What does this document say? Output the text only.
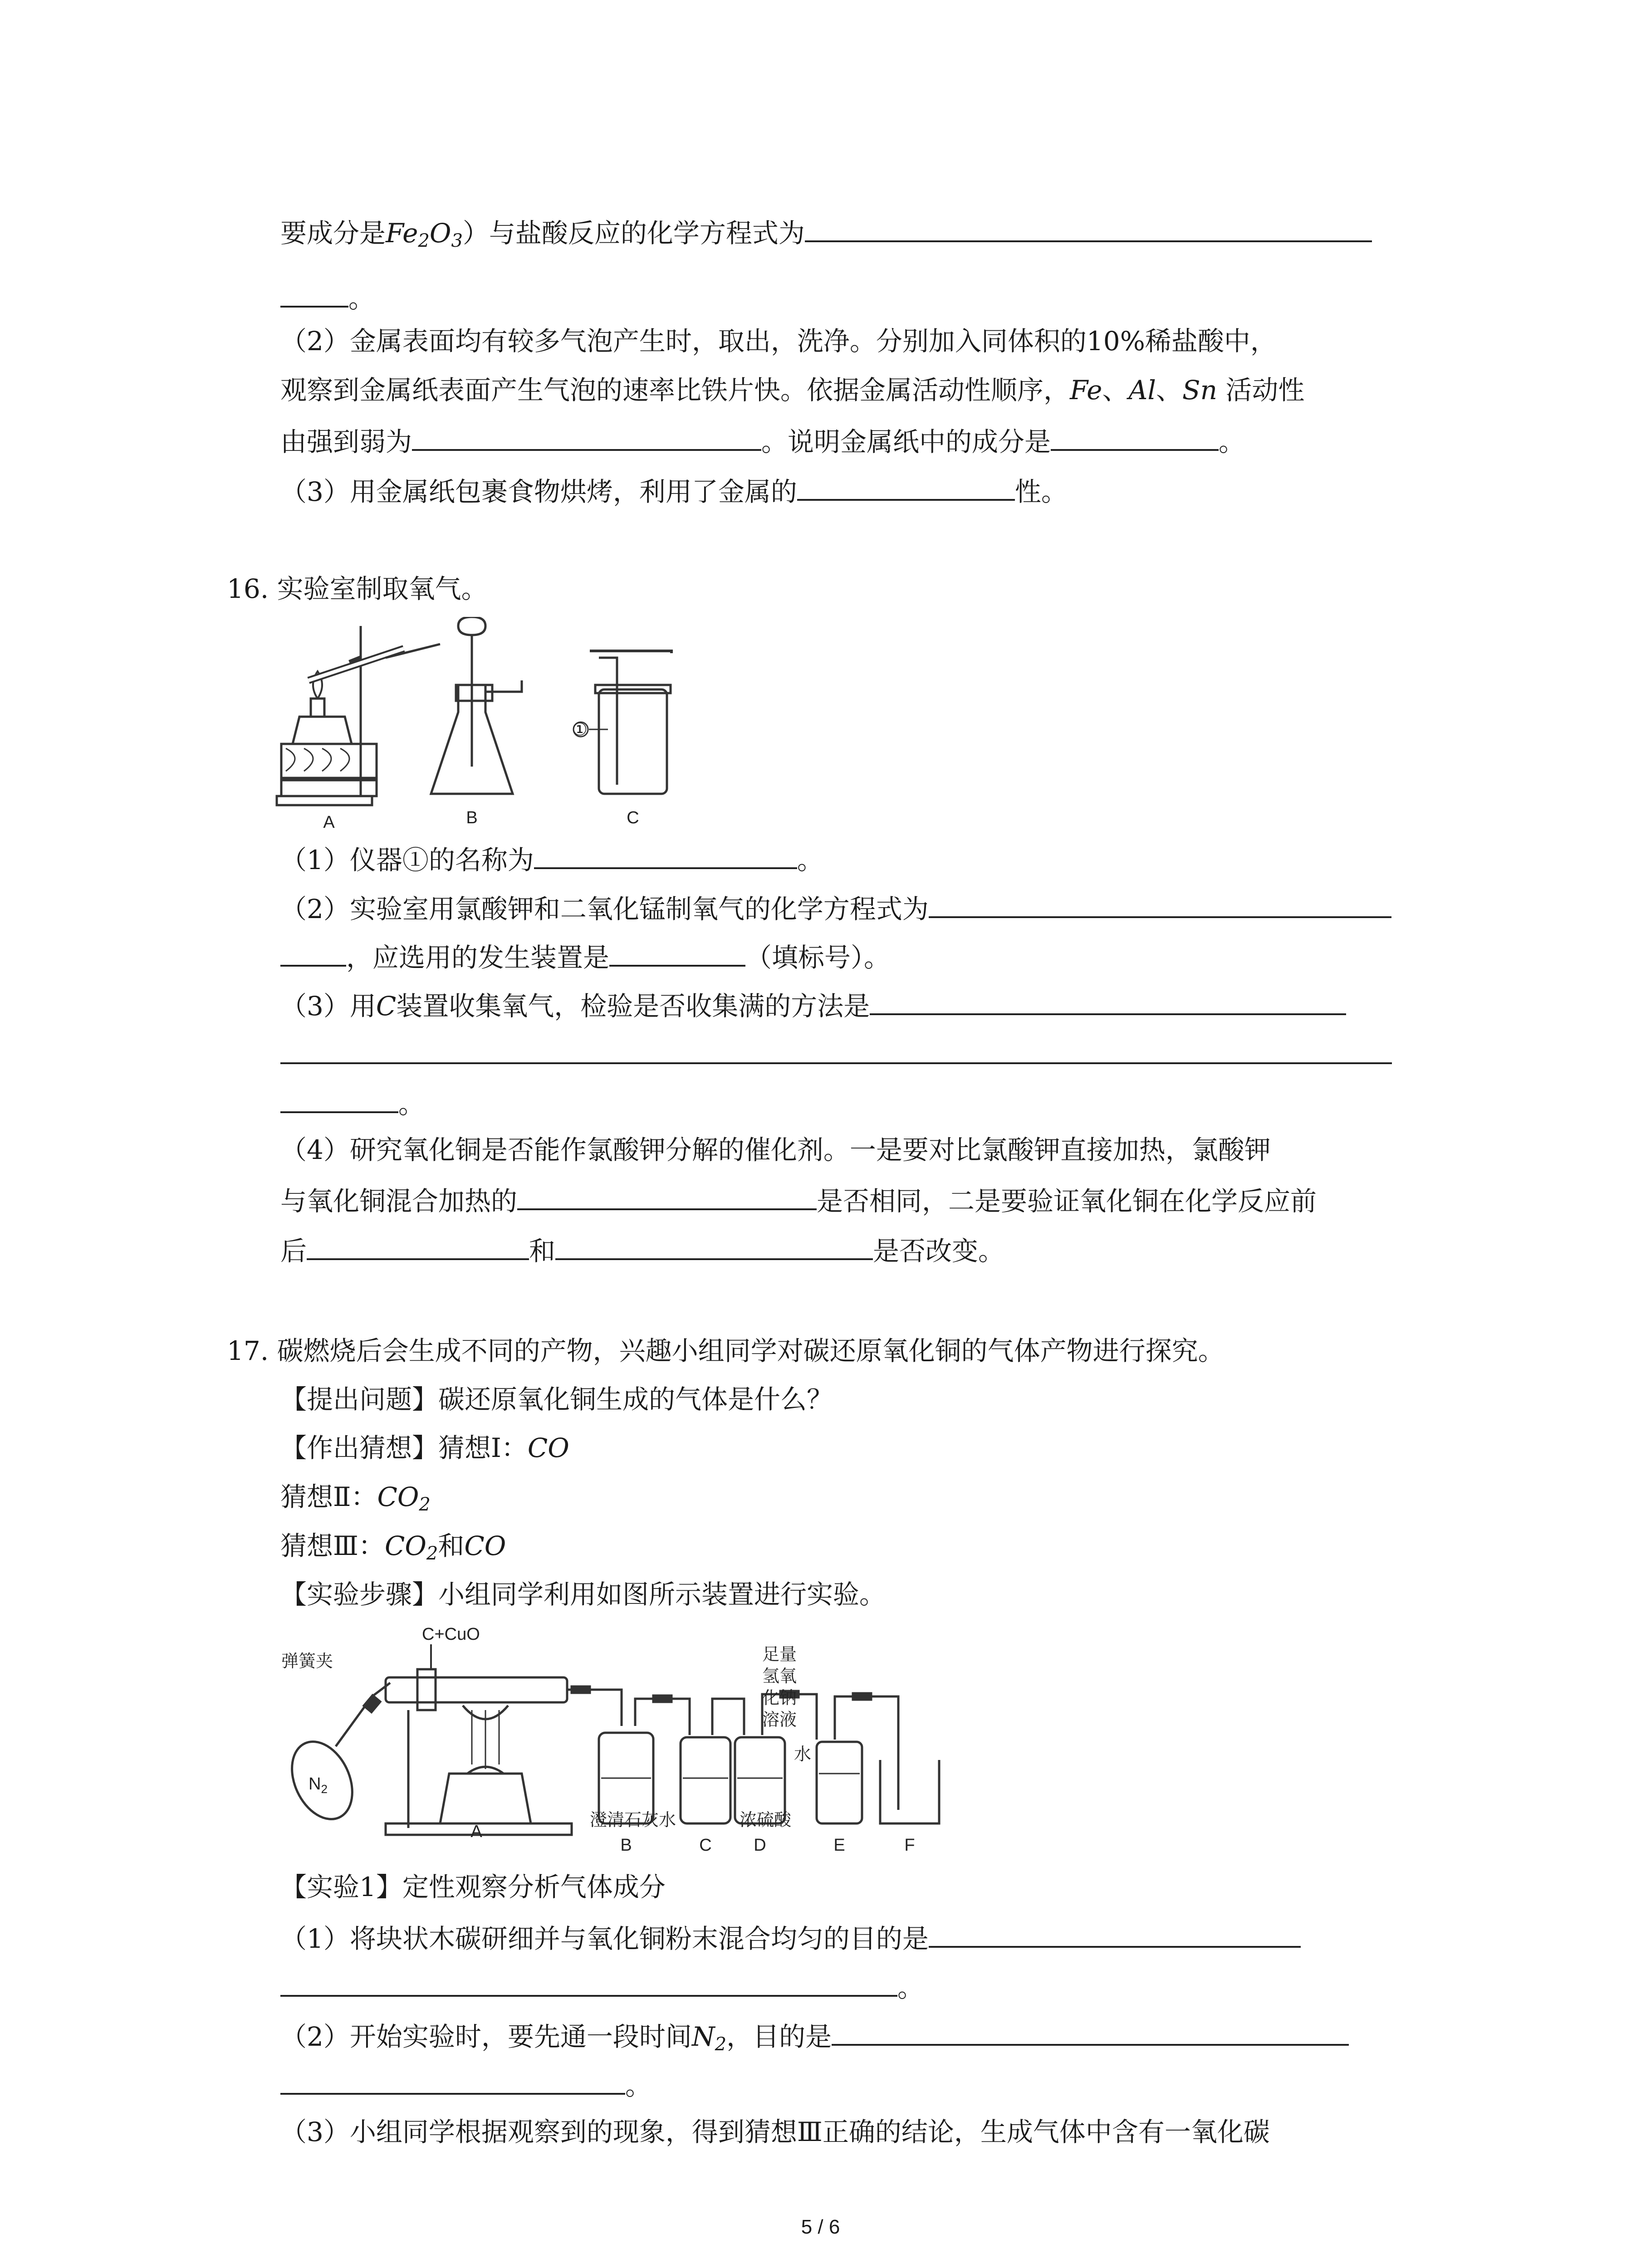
要成分是$Fe_2O_3$）与盐酸反应的化学方程式为
。
（2）金属表面均有较多气泡产生时，取出，洗净。分别加入同体积的10%稀盐酸中，
观察到金属纸表面产生气泡的速率比铁片快。依据金属活动性顺序，Fe、Al、Sn 活动性
由强到弱为	。说明金属纸中的成分是	。
（3）用金属纸包裹食物烘烤，利用了金属的	性。
16. 实验室制取氧气。
①
A	B	C
（1）仪器①的名称为	。
（2）实验室用氯酸钾和二氧化锰制氧气的化学方程式为
，应选用的发生装置是	（填标号）。
（3）用C装置收集氧气，检验是否收集满的方法是
。
（4）研究氧化铜是否能作氯酸钾分解的催化剂。一是要对比氯酸钾直接加热，氯酸钾
与氧化铜混合加热的	是否相同，二是要验证氧化铜在化学反应前
后	和	是否改变。
17. 碳燃烧后会生成不同的产物，兴趣小组同学对碳还原氧化铜的气体产物进行探究。
【提出问题】碳还原氧化铜生成的气体是什么？
【作出猜想】猜想Ⅰ：CO
猜想Ⅱ：$CO_2$
猜想Ⅲ：$CO_2$和CO
【实验步骤】小组同学利用如图所示装置进行实验。
弹簧夹
C+CuO
$N_2$
足量
氢氧
化钠
溶液
水
澄清石灰水	浓硫酸
A
B	C D	E	F
【实验1】定性观察分析气体成分
（1）将块状木碳研细并与氧化铜粉末混合均匀的目的是
。
（2）开始实验时，要先通一段时间$N_2$，目的是
。
（3）小组同学根据观察到的现象，得到猜想Ⅲ正确的结论，生成气体中含有一氧化碳
5 / 6
